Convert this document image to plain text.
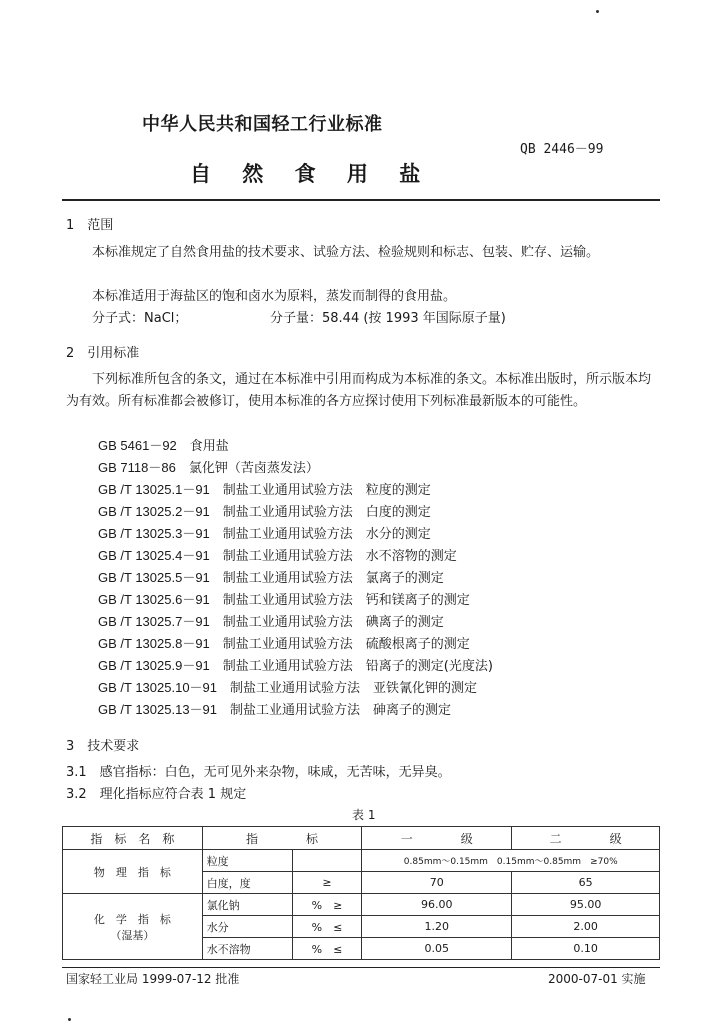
中华人民共和国轻工行业标准
QB 2446－99
自 然 食 用 盐
1　范围
本标准规定了自然食用盐的技术要求、试验方法、检验规则和标志、包装、贮存、运输。
本标准适用于海盐区的饱和卤水为原料，蒸发而制得的食用盐。
分子式：NaCl；	分子量：58.44 (按 1993 年国际原子量)
2　引用标准
下列标准所包含的条文，通过在本标准中引用而构成为本标准的条文。本标准出版时，所示版本均为有效。所有标准都会被修订，使用本标准的各方应探讨使用下列标准最新版本的可能性。
GB 5461－92　 食用盐
GB 7118－86　 氯化钾（苦卤蒸发法）
GB /T 13025.1－91　 制盐工业通用试验方法　粒度的测定
GB /T 13025.2－91　 制盐工业通用试验方法　白度的测定
GB /T 13025.3－91　 制盐工业通用试验方法　水分的测定
GB /T 13025.4－91　 制盐工业通用试验方法　水不溶物的测定
GB /T 13025.5－91　 制盐工业通用试验方法　氯离子的测定
GB /T 13025.6－91　 制盐工业通用试验方法　钙和镁离子的测定
GB /T 13025.7－91　 制盐工业通用试验方法　碘离子的测定
GB /T 13025.8－91　 制盐工业通用试验方法　硫酸根离子的测定
GB /T 13025.9－91　 制盐工业通用试验方法　铅离子的测定(光度法)
GB /T 13025.10－91　 制盐工业通用试验方法　亚铁氰化钾的测定
GB /T 13025.13－91　 制盐工业通用试验方法　砷离子的测定
3　技术要求
3.1　感官指标：白色，无可见外来杂物，味咸，无苦味，无异臭。
3.2　理化指标应符合表 1 规定
表 1
指　标　名　称	指　　　　标		一　　　　级	二　　　　级
物　理　指　标	粒度		0.85mm～0.15mm　0.15mm～0.85mm　≥70%	
	白度，度	≥	70	65

化　学　指　标
（湿基）	氯化钠	%　≥	96.00	95.00
	水分	%　≤	1.20	2.00
	水不溶物	%　≤	0.05	0.10
国家轻工业局 1999-07-12 批准	2000-07-01 实施
